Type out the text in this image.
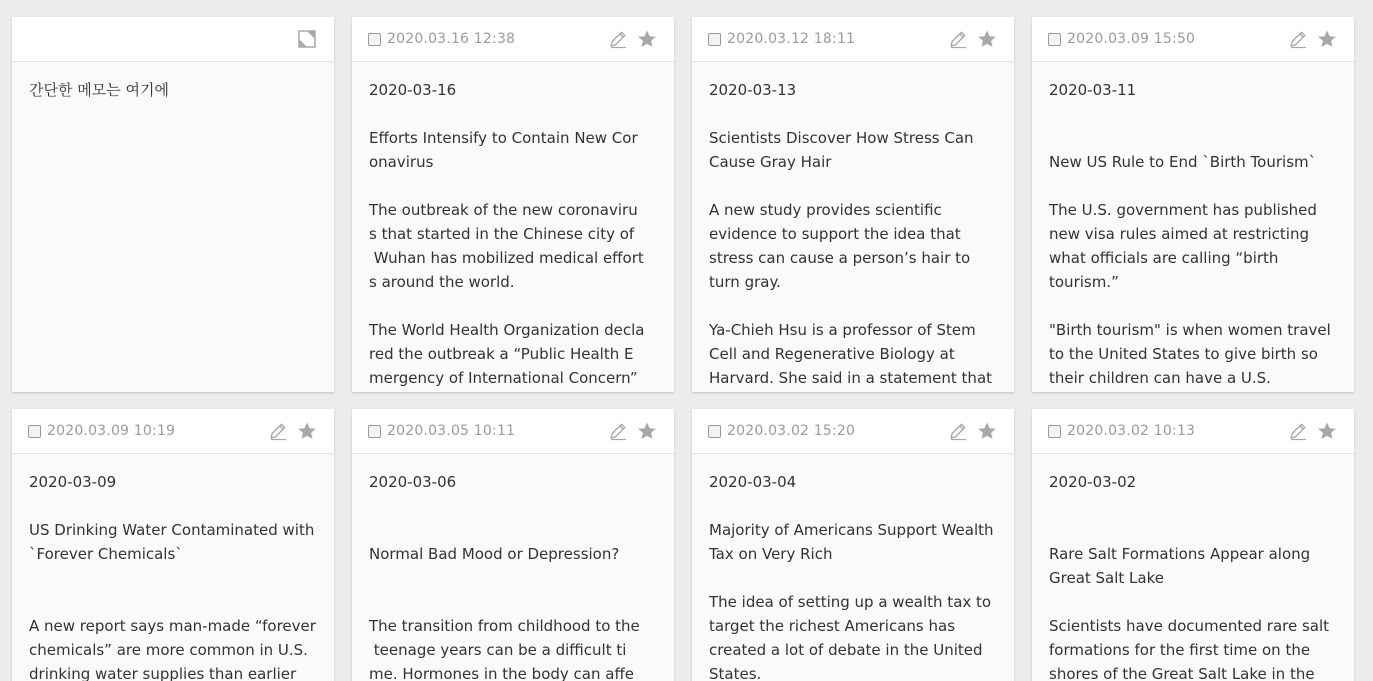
간단한 메모는 여기에

2020.03.16 12:38

2020-03-16

Efforts Intensify to Contain New Cor

onavirus

The outbreak of the new coronaviru

s that started in the Chinese city of

Wuhan has mobilized medical effort

s around the world.

The World Health Organization decla

red the outbreak a “Public Health E

mergency of International Concern”

2020.03.12 18:11

2020-03-13

Scientists Discover How Stress Can

Cause Gray Hair

A new study provides scientific

evidence to support the idea that

stress can cause a person’s hair to

turn gray.

Ya-Chieh Hsu is a professor of Stem

Cell and Regenerative Biology at

Harvard. She said in a statement that

2020.03.09 15:50

2020-03-11

New US Rule to End `Birth Tourism`

The U.S. government has published

new visa rules aimed at restricting

what officials are calling “birth

tourism.”

"Birth tourism" is when women travel

to the United States to give birth so

their children can have a U.S.

2020.03.09 10:19

2020-03-09

US Drinking Water Contaminated with

`Forever Chemicals`

A new report says man-made “forever

chemicals” are more common in U.S.

drinking water supplies than earlier

2020.03.05 10:11

2020-03-06

Normal Bad Mood or Depression?

The transition from childhood to the

teenage years can be a difficult ti

me. Hormones in the body can affe

2020.03.02 15:20

2020-03-04

Majority of Americans Support Wealth

Tax on Very Rich

The idea of setting up a wealth tax to

target the richest Americans has

created a lot of debate in the United

States.

2020.03.02 10:13

2020-03-02

Rare Salt Formations Appear along

Great Salt Lake

Scientists have documented rare salt

formations for the first time on the

shores of the Great Salt Lake in the
